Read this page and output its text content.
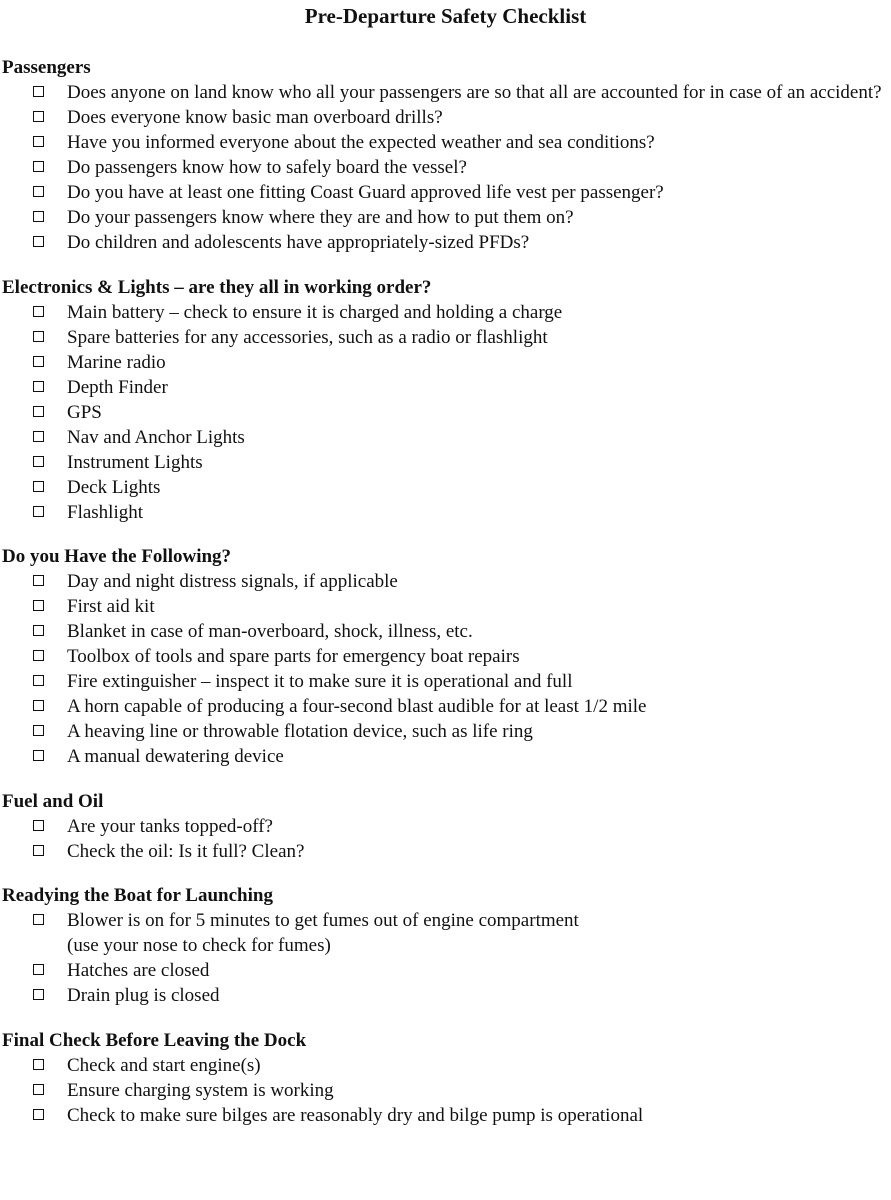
Pre-Departure Safety Checklist
Passengers
Does anyone on land know who all your passengers are so that all are accounted for in case of an accident?
Does everyone know basic man overboard drills?
Have you informed everyone about the expected weather and sea conditions?
Do passengers know how to safely board the vessel?
Do you have at least one fitting Coast Guard approved life vest per passenger?
Do your passengers know where they are and how to put them on?
Do children and adolescents have appropriately-sized PFDs?
Electronics & Lights – are they all in working order?
Main battery – check to ensure it is charged and holding a charge
Spare batteries for any accessories, such as a radio or flashlight
Marine radio
Depth Finder
GPS
Nav and Anchor Lights
Instrument Lights
Deck Lights
Flashlight
Do you Have the Following?
Day and night distress signals, if applicable
First aid kit
Blanket in case of man-overboard, shock, illness, etc.
Toolbox of tools and spare parts for emergency boat repairs
Fire extinguisher – inspect it to make sure it is operational and full
A horn capable of producing a four-second blast audible for at least 1/2 mile
A heaving line or throwable flotation device, such as life ring
A manual dewatering device
Fuel and Oil
Are your tanks topped-off?
Check the oil: Is it full? Clean?
Readying the Boat for Launching
Blower is on for 5 minutes to get fumes out of engine compartment
(use your nose to check for fumes)
Hatches are closed
Drain plug is closed
Final Check Before Leaving the Dock
Check and start engine(s)
Ensure charging system is working
Check to make sure bilges are reasonably dry and bilge pump is operational
